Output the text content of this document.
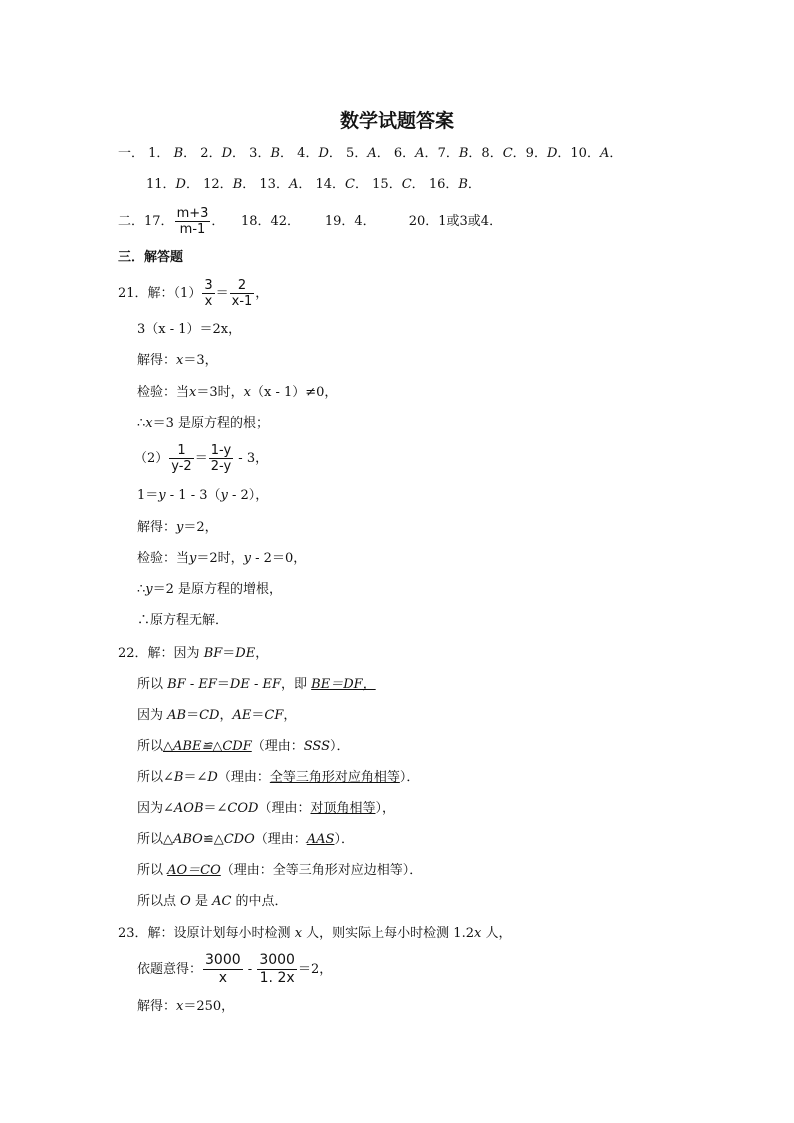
数学试题答案
一． 1． B． 2．D． 3．B． 4．D． 5．A． 6．A．7．B．8．C．9．D．10．A．
11．D． 12．B． 13．A． 14．C． 15．C． 16．B．
二．17． $\frac{m+3}{m-1}$ ． 18．42． 19．4．	20．1或3或4．
三．解答题
21．解：$(1) \frac{3}{x} = \frac{2}{x-1}$ ，
3（x - 1）＝2x，
解得：x＝3，
检验：当x＝3时，x（x - 1）≠0，
∴x＝3 是原方程的根；
$(2) \frac{1}{y-2} = \frac{1-y}{2-y} - 3$，
1＝y - 1 - 3（y - 2），
解得：y＝2，
检验：当y＝2时，y - 2＝0，
∴y＝2 是原方程的增根，
∴原方程无解．
22．解：因为 BF＝DE，
所以 BF - EF＝DE - EF，即 BE＝DF，
因为 AB＝CD，AE＝CF，
所以△ABE≌△CDF（理由：SSS）．
所以∠B＝∠D（理由：全等三角形对应角相等）．
因为∠AOB＝∠COD（理由：对顶角相等），
所以△ABO≌△CDO（理由：AAS）．
所以 AO＝CO（理由：全等三角形对应边相等）．
所以点 O 是 AC 的中点．
23．解：设原计划每小时检测 x 人，则实际上每小时检测 1.2x 人，
依题意得： $\frac{3000}{x} - \frac{3000}{1. 2x} =2$，
解得：x＝250，
